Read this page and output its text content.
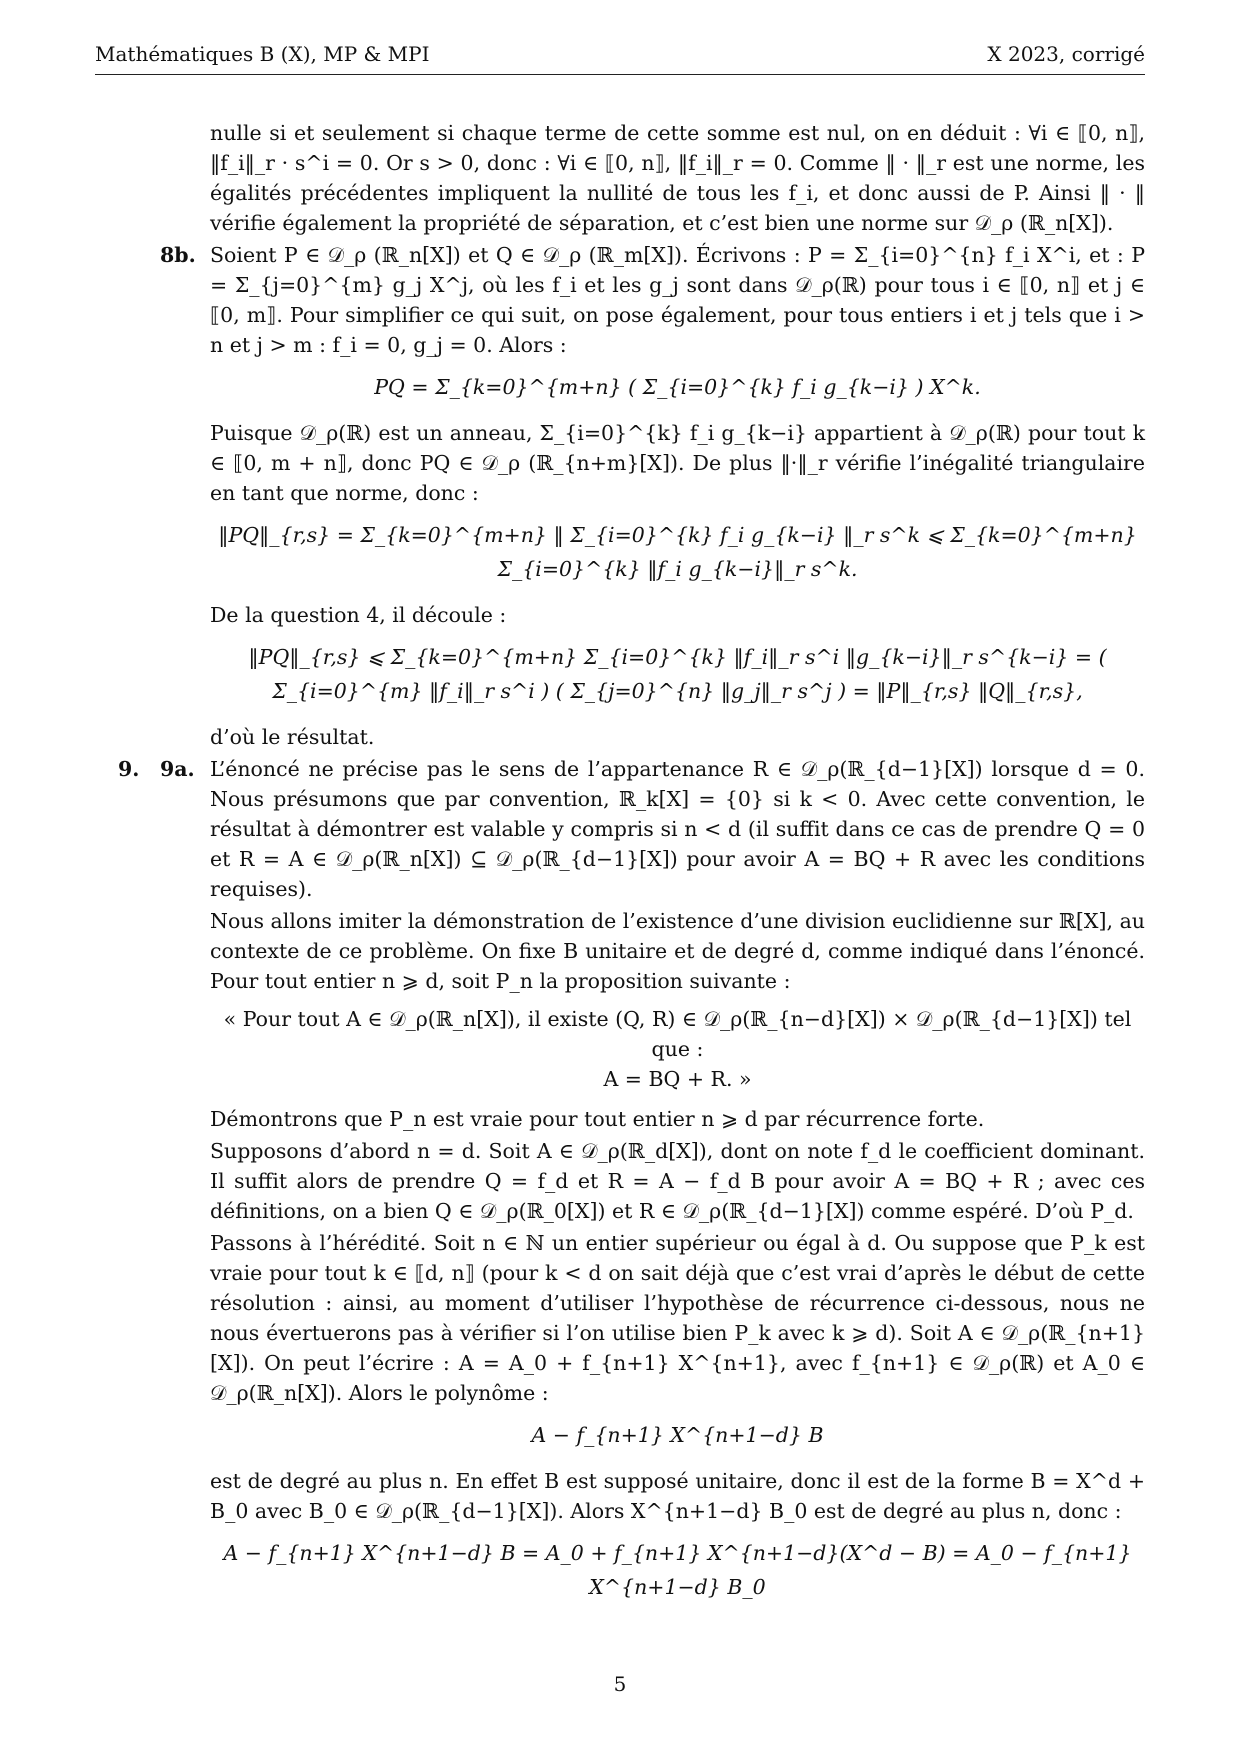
Mathématiques B (X), MP & MPI	X 2023, corrigé

nulle si et seulement si chaque terme de cette somme est nul, on en déduit : ∀i ∈ ⟦0, n⟧, ‖f_i‖_r · s^i = 0. Or s > 0, donc : ∀i ∈ ⟦0, n⟧, ‖f_i‖_r = 0. Comme ‖ · ‖_r est une norme, les égalités précédentes impliquent la nullité de tous les f_i, et donc aussi de P. Ainsi ‖ · ‖ vérifie également la propriété de séparation, et c’est bien une norme sur 𝒟_ρ (ℝ_n[X]).

8b. Soient P ∈ 𝒟_ρ (ℝ_n[X]) et Q ∈ 𝒟_ρ (ℝ_m[X]). Écrivons : P = Σ_{i=0}^{n} f_i X^i, et : P = Σ_{j=0}^{m} g_j X^j, où les f_i et les g_j sont dans 𝒟_ρ(ℝ) pour tous i ∈ ⟦0, n⟧ et j ∈ ⟦0, m⟧. Pour simplifier ce qui suit, on pose également, pour tous entiers i et j tels que i > n et j > m : f_i = 0, g_j = 0. Alors :

PQ = Σ_{k=0}^{m+n} ( Σ_{i=0}^{k} f_i g_{k−i} ) X^k.

Puisque 𝒟_ρ(ℝ) est un anneau, Σ_{i=0}^{k} f_i g_{k−i} appartient à 𝒟_ρ(ℝ) pour tout k ∈ ⟦0, m + n⟧, donc PQ ∈ 𝒟_ρ (ℝ_{n+m}[X]). De plus ‖·‖_r vérifie l’inégalité triangulaire en tant que norme, donc :

‖PQ‖_{r,s} = Σ_{k=0}^{m+n} ‖ Σ_{i=0}^{k} f_i g_{k−i} ‖_r s^k ⩽ Σ_{k=0}^{m+n} Σ_{i=0}^{k} ‖f_i g_{k−i}‖_r s^k.

De la question 4, il découle :

‖PQ‖_{r,s} ⩽ Σ_{k=0}^{m+n} Σ_{i=0}^{k} ‖f_i‖_r s^i ‖g_{k−i}‖_r s^{k−i} = ( Σ_{i=0}^{m} ‖f_i‖_r s^i ) ( Σ_{j=0}^{n} ‖g_j‖_r s^j ) = ‖P‖_{r,s} ‖Q‖_{r,s},

d’où le résultat.

9. 9a. L’énoncé ne précise pas le sens de l’appartenance R ∈ 𝒟_ρ(ℝ_{d−1}[X]) lorsque d = 0. Nous présumons que par convention, ℝ_k[X] = {0} si k < 0. Avec cette convention, le résultat à démontrer est valable y compris si n < d (il suffit dans ce cas de prendre Q = 0 et R = A ∈ 𝒟_ρ(ℝ_n[X]) ⊆ 𝒟_ρ(ℝ_{d−1}[X]) pour avoir A = BQ + R avec les conditions requises).

Nous allons imiter la démonstration de l’existence d’une division euclidienne sur ℝ[X], au contexte de ce problème. On fixe B unitaire et de degré d, comme indiqué dans l’énoncé. Pour tout entier n ⩾ d, soit P_n la proposition suivante :

« Pour tout A ∈ 𝒟_ρ(ℝ_n[X]), il existe (Q, R) ∈ 𝒟_ρ(ℝ_{n−d}[X]) × 𝒟_ρ(ℝ_{d−1}[X]) tel que :
A = BQ + R. »

Démontrons que P_n est vraie pour tout entier n ⩾ d par récurrence forte.

Supposons d’abord n = d. Soit A ∈ 𝒟_ρ(ℝ_d[X]), dont on note f_d le coefficient dominant. Il suffit alors de prendre Q = f_d et R = A − f_d B pour avoir A = BQ + R ; avec ces définitions, on a bien Q ∈ 𝒟_ρ(ℝ_0[X]) et R ∈ 𝒟_ρ(ℝ_{d−1}[X]) comme espéré. D’où P_d.

Passons à l’hérédité. Soit n ∈ ℕ un entier supérieur ou égal à d. Ou suppose que P_k est vraie pour tout k ∈ ⟦d, n⟧ (pour k < d on sait déjà que c’est vrai d’après le début de cette résolution : ainsi, au moment d’utiliser l’hypothèse de récurrence ci-dessous, nous ne nous évertuerons pas à vérifier si l’on utilise bien P_k avec k ⩾ d). Soit A ∈ 𝒟_ρ(ℝ_{n+1}[X]). On peut l’écrire : A = A_0 + f_{n+1} X^{n+1}, avec f_{n+1} ∈ 𝒟_ρ(ℝ) et A_0 ∈ 𝒟_ρ(ℝ_n[X]). Alors le polynôme :

A − f_{n+1} X^{n+1−d} B

est de degré au plus n. En effet B est supposé unitaire, donc il est de la forme B = X^d + B_0 avec B_0 ∈ 𝒟_ρ(ℝ_{d−1}[X]). Alors X^{n+1−d} B_0 est de degré au plus n, donc :

A − f_{n+1} X^{n+1−d} B = A_0 + f_{n+1} X^{n+1−d}(X^d − B) = A_0 − f_{n+1} X^{n+1−d} B_0
5
